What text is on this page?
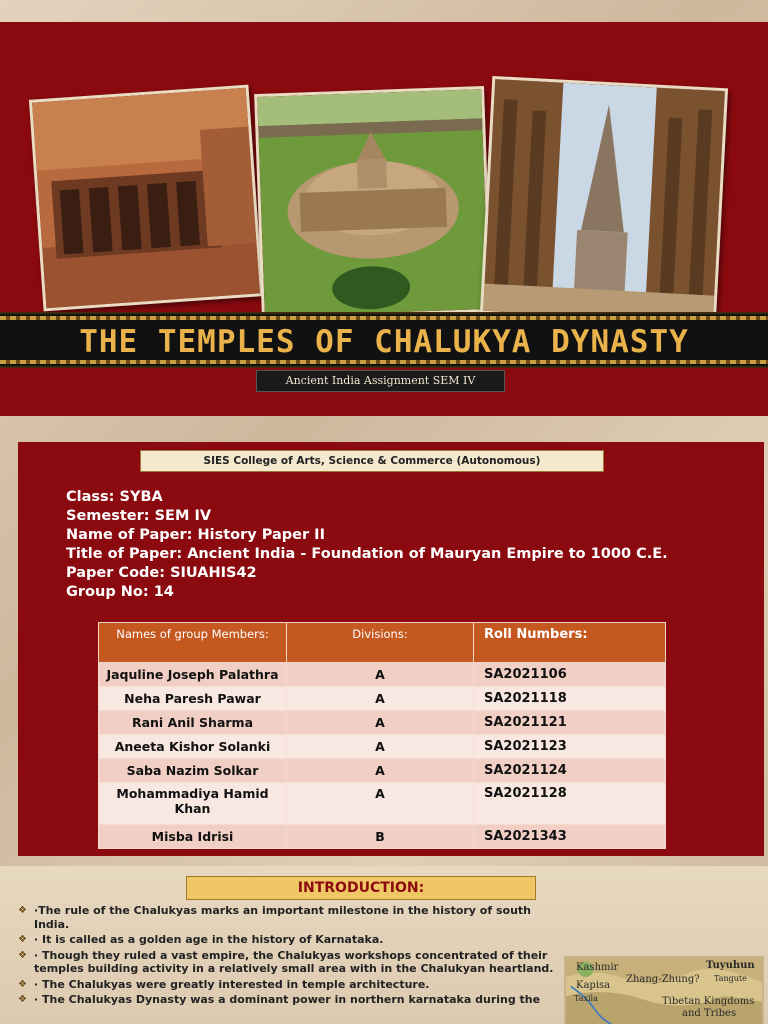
THE TEMPLES OF CHALUKYA DYNASTY
Ancient India Assignment SEM IV
SIES College of Arts, Science & Commerce (Autonomous)
Class: SYBA
Semester: SEM IV
Name of Paper: History Paper II
Title of Paper: Ancient India - Foundation of Mauryan Empire to 1000 C.E.
Paper Code: SIUAHIS42
Group No: 14
Names of group Members:	Divisions:	Roll Numbers:
Jaquline Joseph Palathra	A	SA2021106
Neha Paresh Pawar	A	SA2021118
Rani Anil Sharma	A	SA2021121
Aneeta Kishor Solanki	A	SA2021123
Saba Nazim Solkar	A	SA2021124
Mohammadiya Hamid Khan	A	SA2021128
Misba Idrisi	B	SA2021343
INTRODUCTION:
❖ ·The rule of the Chalukyas marks an important milestone in the history of south India.
❖ · It is called as a golden age in the history of Karnataka.
❖ · Though they ruled a vast empire, the Chalukyas workshops concentrated of their temples building activity in a relatively small area with in the Chalukyan heartland.
❖ · The Chalukyas were greatly interested in temple architecture.
❖ · The Chalukyas Dynasty was a dominant power in northern karnataka during the
Kashmir
Kapisa
Zhang-Zhung?
Tuyuhun
Tangute
Tibetan Kingdoms
and Tribes
Taxila
